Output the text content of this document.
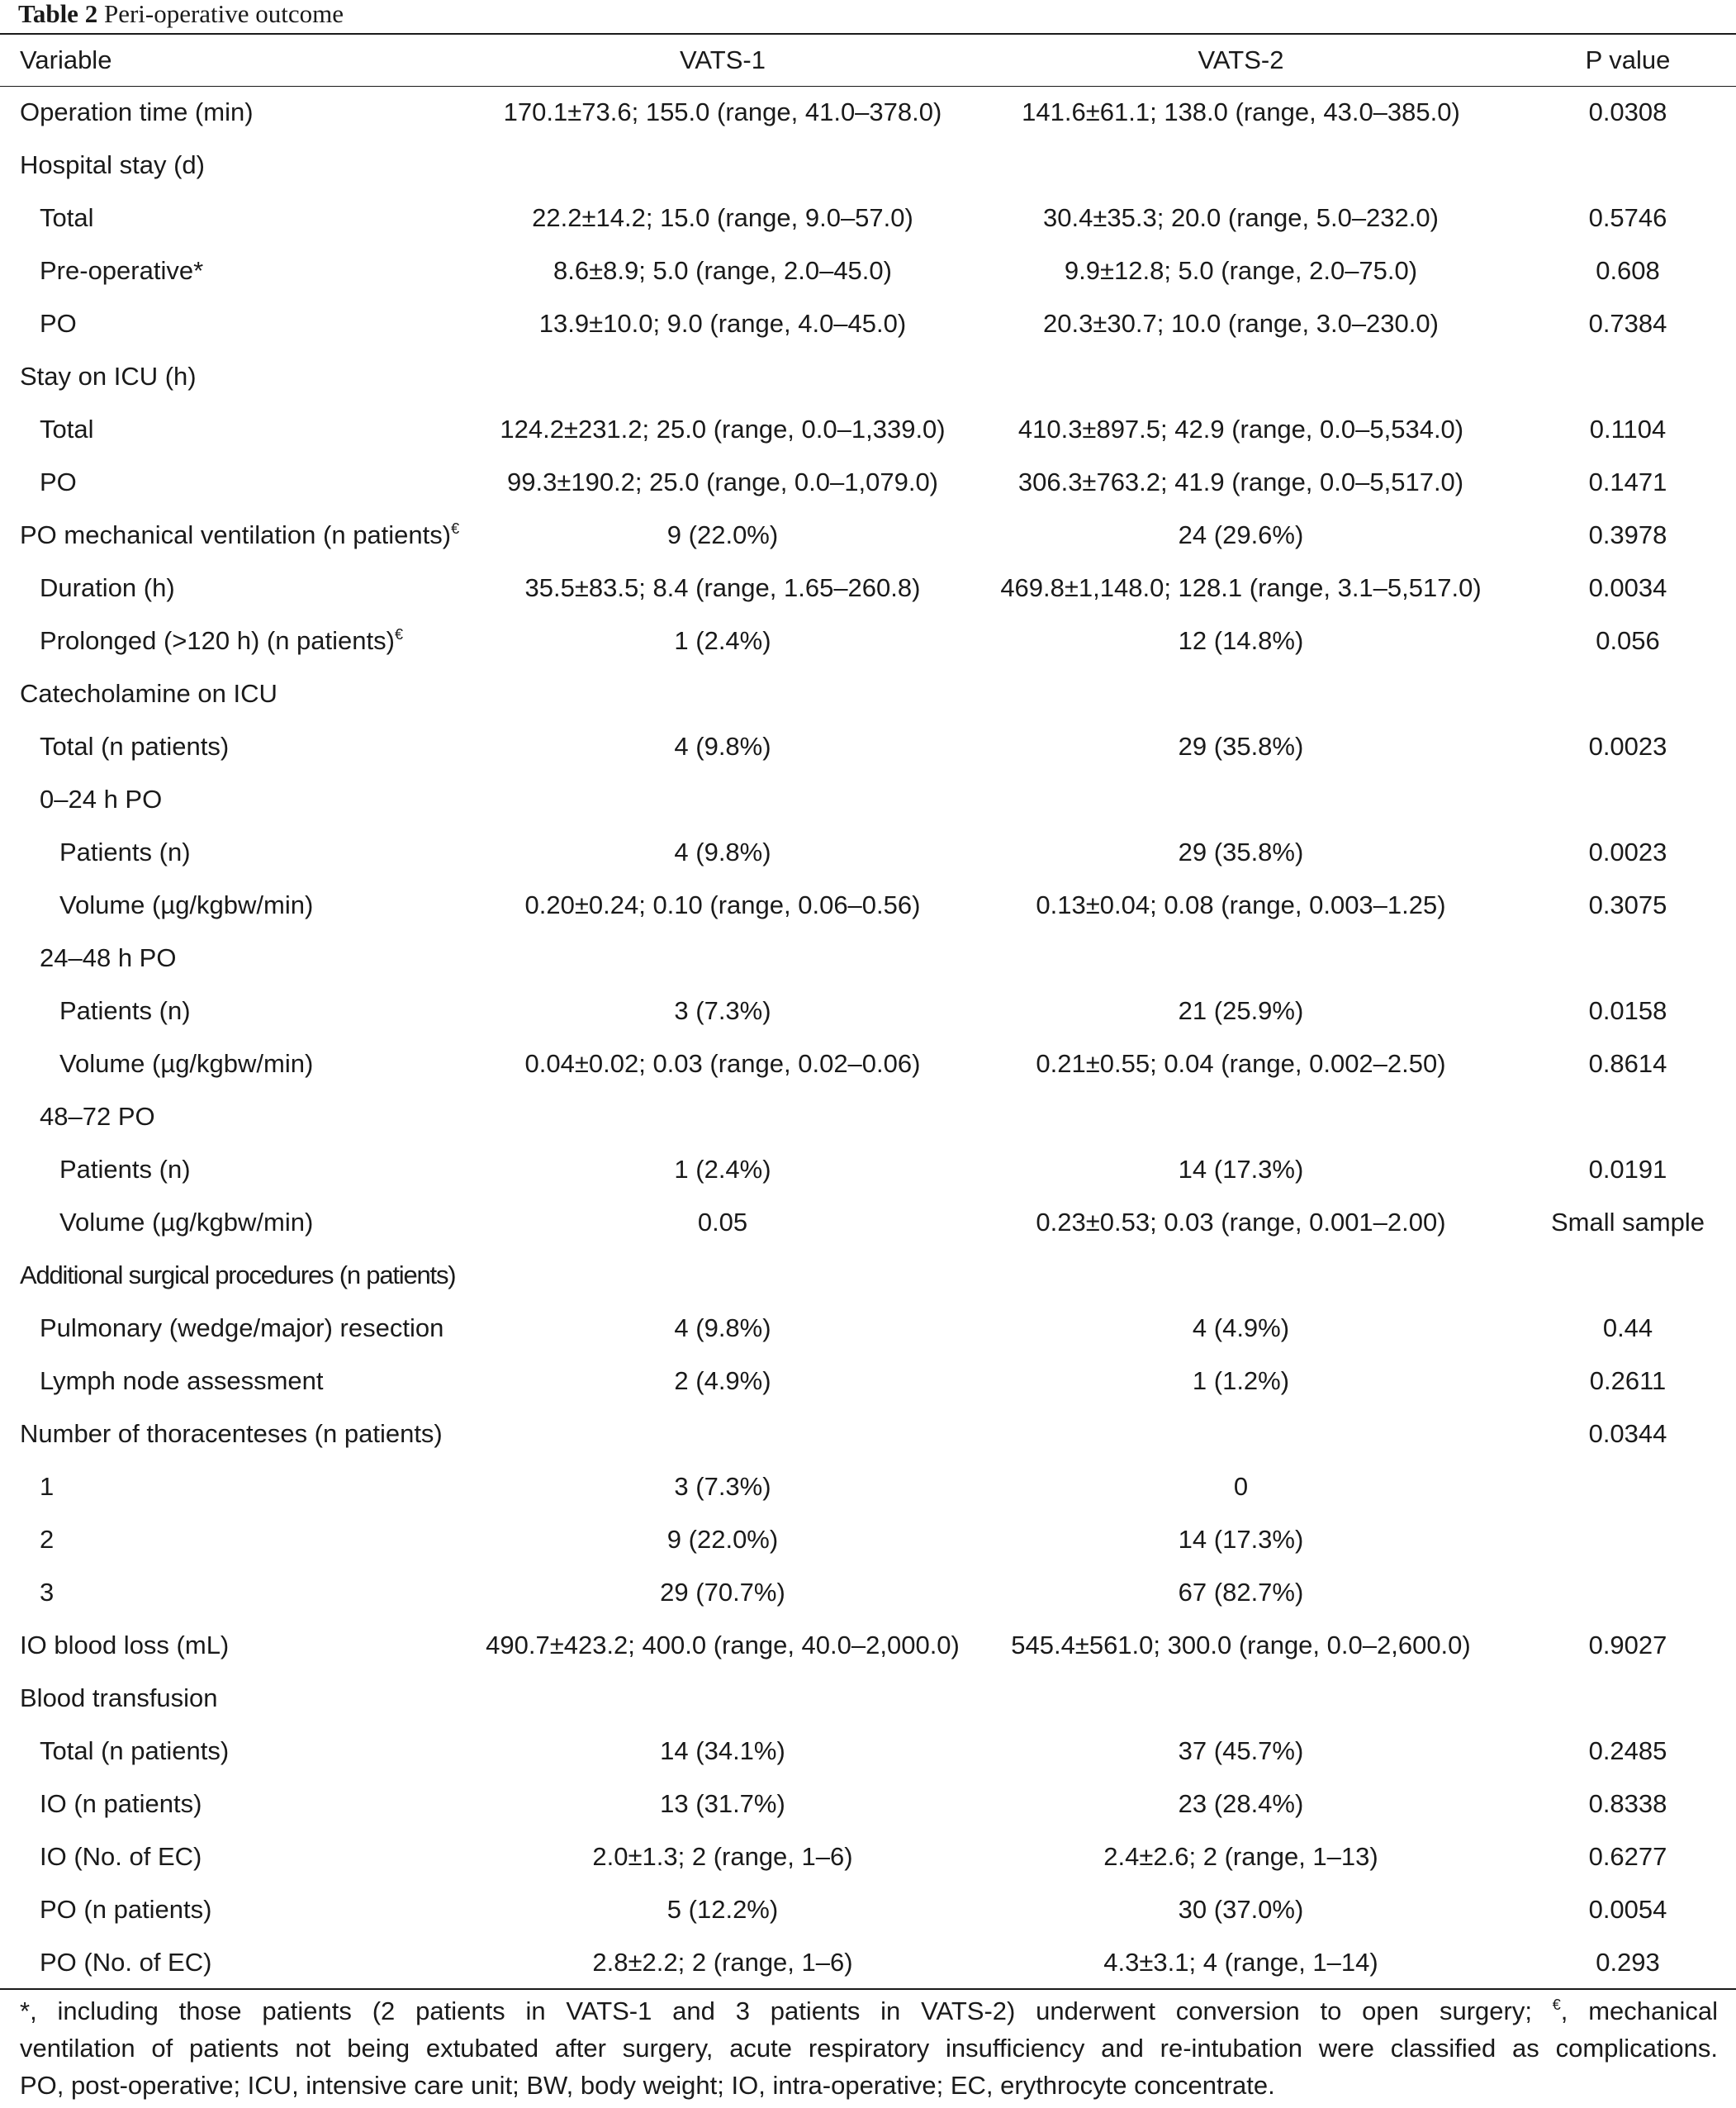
Table 2 Peri-operative outcome
Variable	VATS-1	VATS-2	P value
Operation time (min)	170.1±73.6; 155.0 (range, 41.0–378.0)	141.6±61.1; 138.0 (range, 43.0–385.0)	0.0308
Hospital stay (d)			
Total	22.2±14.2; 15.0 (range, 9.0–57.0)	30.4±35.3; 20.0 (range, 5.0–232.0)	0.5746
Pre-operative*	8.6±8.9; 5.0 (range, 2.0–45.0)	9.9±12.8; 5.0 (range, 2.0–75.0)	0.608
PO	13.9±10.0; 9.0 (range, 4.0–45.0)	20.3±30.7; 10.0 (range, 3.0–230.0)	0.7384
Stay on ICU (h)			
Total	124.2±231.2; 25.0 (range, 0.0–1,339.0)	410.3±897.5; 42.9 (range, 0.0–5,534.0)	0.1104
PO	99.3±190.2; 25.0 (range, 0.0–1,079.0)	306.3±763.2; 41.9 (range, 0.0–5,517.0)	0.1471
PO mechanical ventilation (n patients)€	9 (22.0%)	24 (29.6%)	0.3978
Duration (h)	35.5±83.5; 8.4 (range, 1.65–260.8)	469.8±1,148.0; 128.1 (range, 3.1–5,517.0)	0.0034
Prolonged (>120 h) (n patients)€	1 (2.4%)	12 (14.8%)	0.056
Catecholamine on ICU			
Total (n patients)	4 (9.8%)	29 (35.8%)	0.0023
0–24 h PO			
Patients (n)	4 (9.8%)	29 (35.8%)	0.0023
Volume (µg/kgbw/min)	0.20±0.24; 0.10 (range, 0.06–0.56)	0.13±0.04; 0.08 (range, 0.003–1.25)	0.3075
24–48 h PO			
Patients (n)	3 (7.3%)	21 (25.9%)	0.0158
Volume (µg/kgbw/min)	0.04±0.02; 0.03 (range, 0.02–0.06)	0.21±0.55; 0.04 (range, 0.002–2.50)	0.8614
48–72 PO			
Patients (n)	1 (2.4%)	14 (17.3%)	0.0191
Volume (µg/kgbw/min)	0.05	0.23±0.53; 0.03 (range, 0.001–2.00)	Small sample
Additional surgical procedures (n patients)			
Pulmonary (wedge/major) resection	4 (9.8%)	4 (4.9%)	0.44
Lymph node assessment	2 (4.9%)	1 (1.2%)	0.2611
Number of thoracenteses (n patients)			0.0344
1	3 (7.3%)	0	
2	9 (22.0%)	14 (17.3%)	
3	29 (70.7%)	67 (82.7%)	
IO blood loss (mL)	490.7±423.2; 400.0 (range, 40.0–2,000.0)	545.4±561.0; 300.0 (range, 0.0–2,600.0)	0.9027
Blood transfusion			
Total (n patients)	14 (34.1%)	37 (45.7%)	0.2485
IO (n patients)	13 (31.7%)	23 (28.4%)	0.8338
IO (No. of EC)	2.0±1.3; 2 (range, 1–6)	2.4±2.6; 2 (range, 1–13)	0.6277
PO (n patients)	5 (12.2%)	30 (37.0%)	0.0054
PO (No. of EC)	2.8±2.2; 2 (range, 1–6)	4.3±3.1; 4 (range, 1–14)	0.293
*, including those patients (2 patients in VATS-1 and 3 patients in VATS-2) underwent conversion to open surgery; €, mechanical
ventilation of patients not being extubated after surgery, acute respiratory insufficiency and re-intubation were classified as complications.
PO, post-operative; ICU, intensive care unit; BW, body weight; IO, intra-operative; EC, erythrocyte concentrate.
